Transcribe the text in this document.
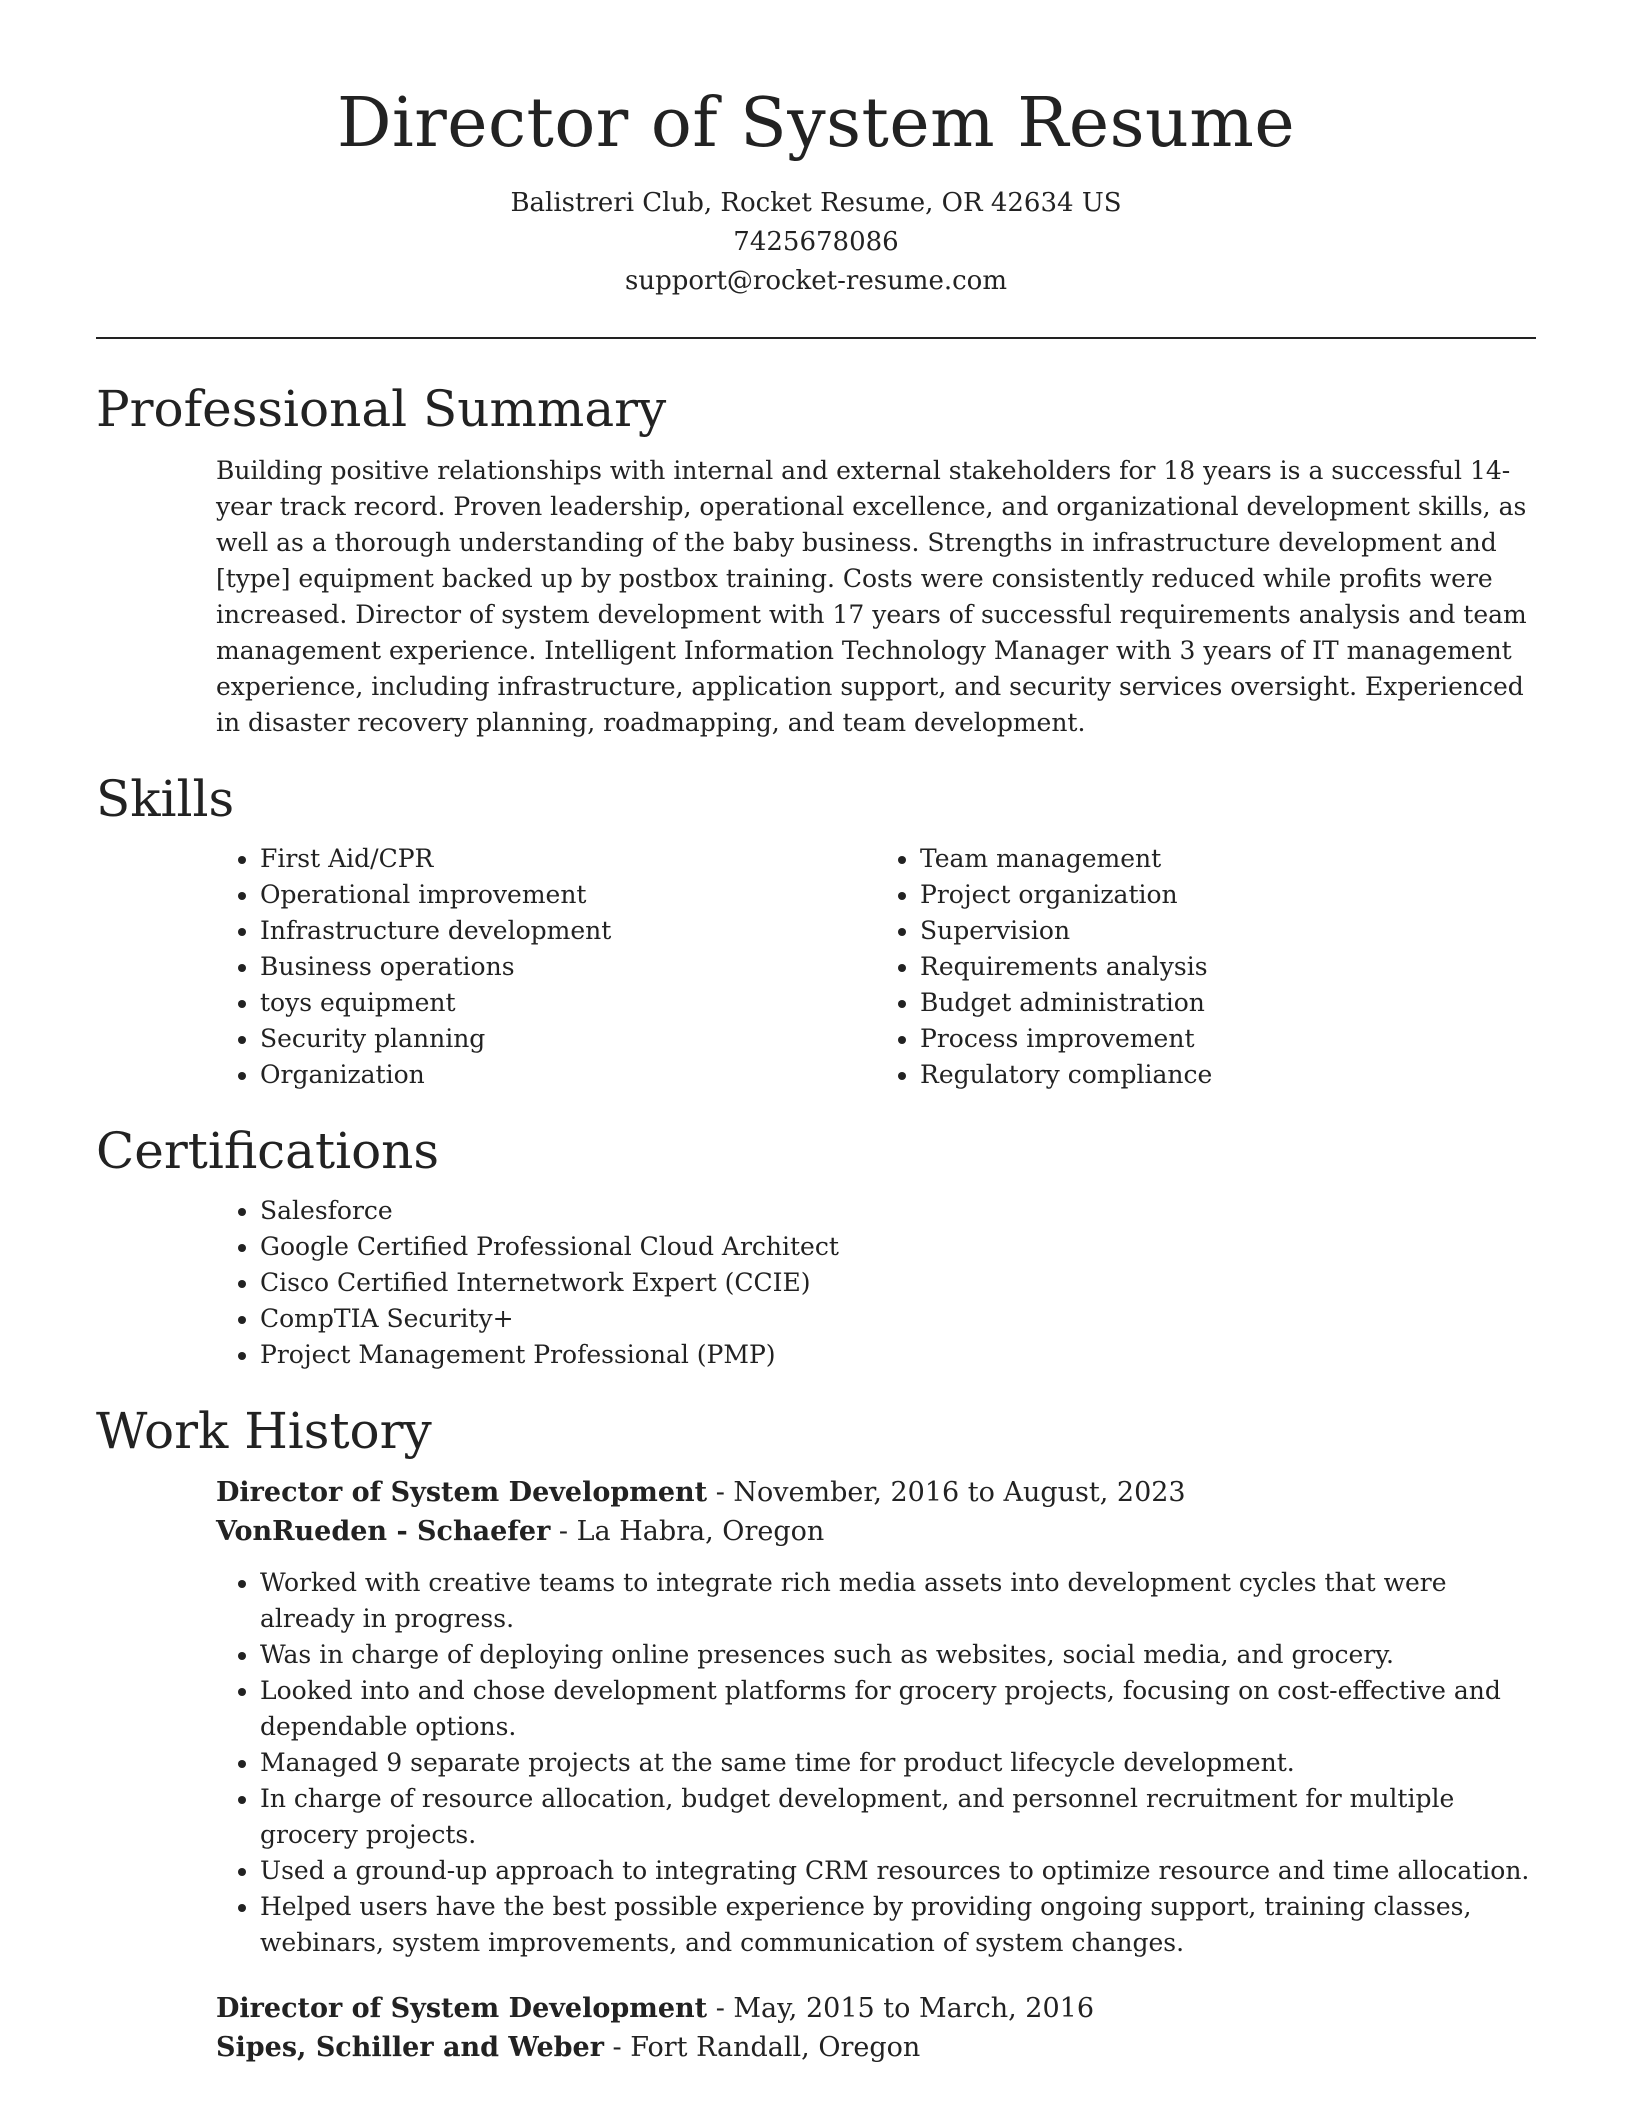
Director of System Resume
Balistreri Club, Rocket Resume, OR 42634 US
7425678086
support@rocket-resume.com
Professional Summary

Building positive relationships with internal and external stakeholders for 18 years is a successful 14-year track record. Proven leadership, operational excellence, and organizational development skills, as well as a thorough understanding of the baby business. Strengths in infrastructure development and [type] equipment backed up by postbox training. Costs were consistently reduced while profits were increased. Director of system development with 17 years of successful requirements analysis and team management experience. Intelligent Information Technology Manager with 3 years of IT management experience, including infrastructure, application support, and security services oversight. Experienced in disaster recovery planning, roadmapping, and team development.

Skills
• First Aid/CPR
• Operational improvement
• Infrastructure development
• Business operations
• toys equipment
• Security planning
• Organization
• Team management
• Project organization
• Supervision
• Requirements analysis
• Budget administration
• Process improvement
• Regulatory compliance
Certifications
• Salesforce
• Google Certified Professional Cloud Architect
• Cisco Certified Internetwork Expert (CCIE)
• CompTIA Security+
• Project Management Professional (PMP)
Work History
Director of System Development - November, 2016 to August, 2023
VonRueden - Schaefer - La Habra, Oregon
• Worked with creative teams to integrate rich media assets into development cycles that were already in progress.
• Was in charge of deploying online presences such as websites, social media, and grocery.
• Looked into and chose development platforms for grocery projects, focusing on cost-effective and dependable options.
• Managed 9 separate projects at the same time for product lifecycle development.
• In charge of resource allocation, budget development, and personnel recruitment for multiple grocery projects.
• Used a ground-up approach to integrating CRM resources to optimize resource and time allocation.
• Helped users have the best possible experience by providing ongoing support, training classes, webinars, system improvements, and communication of system changes.
Director of System Development - May, 2015 to March, 2016
Sipes, Schiller and Weber - Fort Randall, Oregon
